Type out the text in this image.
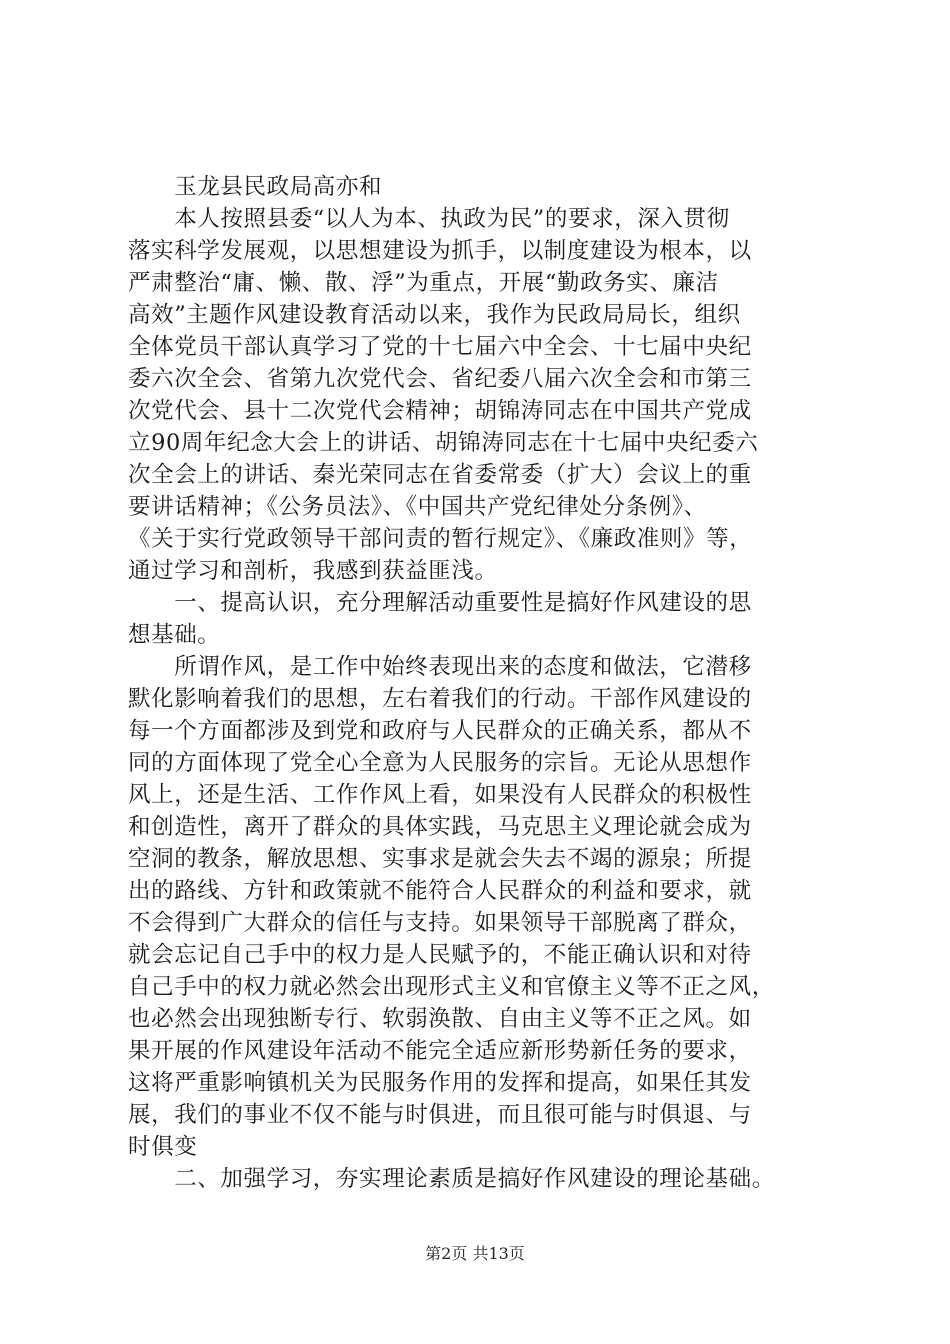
　　玉龙县民政局高亦和
　　本人按照县委“以人为本、执政为民”的要求，深入贯彻
落实科学发展观，以思想建设为抓手，以制度建设为根本，以
严肃整治“庸、懒、散、浮”为重点，开展“勤政务实、廉洁
高效”主题作风建设教育活动以来，我作为民政局局长，组织
全体党员干部认真学习了党的十七届六中全会、十七届中央纪
委六次全会、省第九次党代会、省纪委八届六次全会和市第三
次党代会、县十二次党代会精神；胡锦涛同志在中国共产党成
立90周年纪念大会上的讲话、胡锦涛同志在十七届中央纪委六
次全会上的讲话、秦光荣同志在省委常委（扩大）会议上的重
要讲话精神；《公务员法》、《中国共产党纪律处分条例》、
《关于实行党政领导干部问责的暂行规定》、《廉政准则》等，
通过学习和剖析，我感到获益匪浅。
　　一、提高认识，充分理解活动重要性是搞好作风建设的思
想基础。
　　所谓作风，是工作中始终表现出来的态度和做法，它潜移
默化影响着我们的思想，左右着我们的行动。干部作风建设的
每一个方面都涉及到党和政府与人民群众的正确关系，都从不
同的方面体现了党全心全意为人民服务的宗旨。无论从思想作
风上，还是生活、工作作风上看，如果没有人民群众的积极性
和创造性，离开了群众的具体实践，马克思主义理论就会成为
空洞的教条，解放思想、实事求是就会失去不竭的源泉；所提
出的路线、方针和政策就不能符合人民群众的利益和要求，就
不会得到广大群众的信任与支持。如果领导干部脱离了群众，
就会忘记自己手中的权力是人民赋予的，不能正确认识和对待
自己手中的权力就必然会出现形式主义和官僚主义等不正之风，
也必然会出现独断专行、软弱涣散、自由主义等不正之风。如
果开展的作风建设年活动不能完全适应新形势新任务的要求，
这将严重影响镇机关为民服务作用的发挥和提高，如果任其发
展，我们的事业不仅不能与时俱进，而且很可能与时俱退、与
时俱变
　　二、加强学习，夯实理论素质是搞好作风建设的理论基础。
第2页 共13页
